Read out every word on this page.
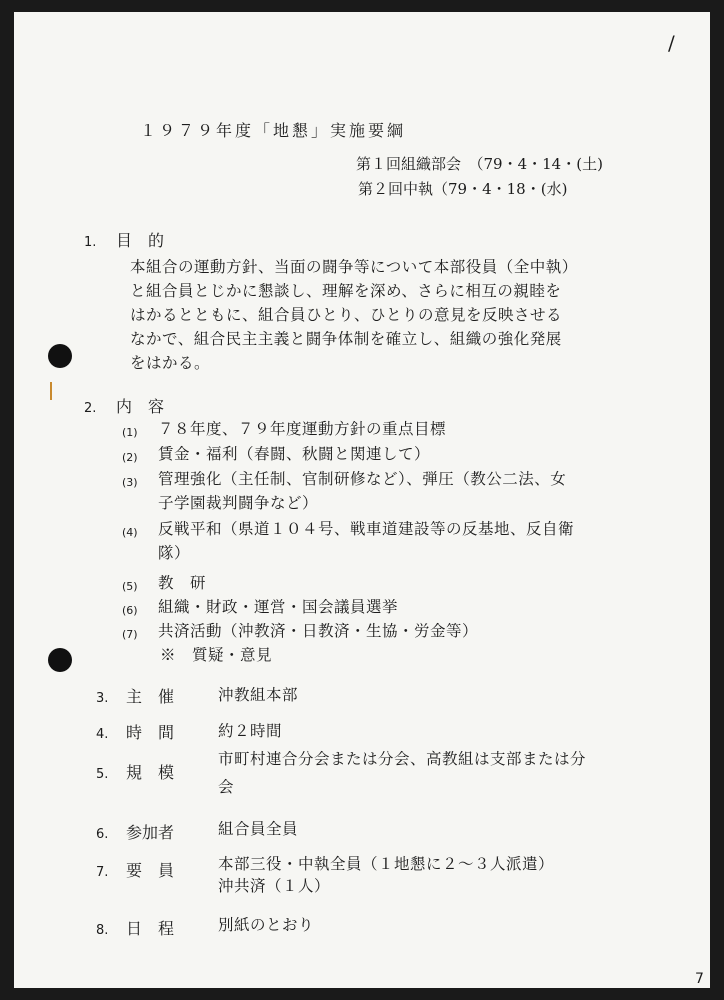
/
１９７９年度「地懇」実施要綱
第１回組織部会　（79・4・14・(土)
第２回中執（79・4・18・(水)
1. 目　的
本組合の運動方針、当面の闘争等について本部役員（全中執）
と組合員とじかに懇談し、理解を深め、さらに相互の親睦を
はかるとともに、組合員ひとり、ひとりの意見を反映させる
なかで、組合民主主義と闘争体制を確立し、組織の強化発展
をはかる。
2. 内　容
(1) ７８年度、７９年度運動方針の重点目標
(2) 賃金・福利（春闘、秋闘と関連して）
(3) 管理強化（主任制、官制研修など）、弾圧（教公二法、女
子学園裁判闘争など）
(4) 反戦平和（県道１０４号、戦車道建設等の反基地、反自衛
隊）
(5) 教　研
(6) 組織・財政・運営・国会議員選挙
(7) 共済活動（沖教済・日教済・生協・労金等）
※　質疑・意見
3. 主　催	沖教組本部
4. 時　間	約２時間
5. 規　模
市町村連合分会または分会、高教組は支部または分
会
6. 参加者	組合員全員
7. 要　員	本部三役・中執全員（１地懇に２～３人派遣）
沖共済（１人）
8. 日　程	別紙のとおり
7
